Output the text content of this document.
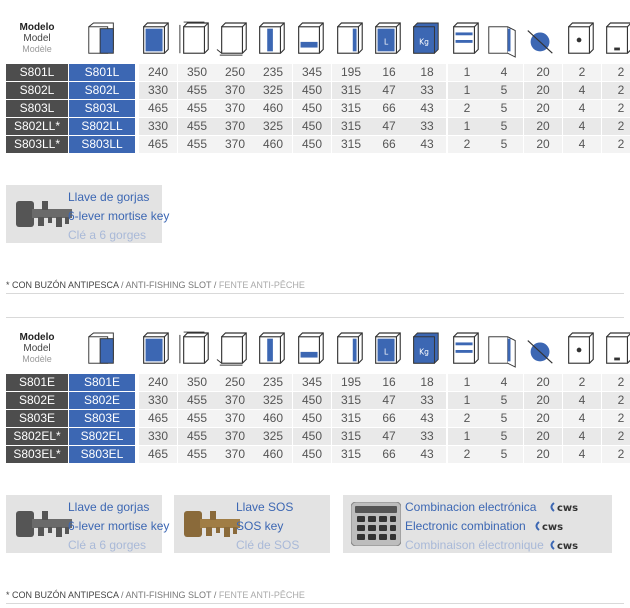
Modelo
Model
Modèle
L	Kg
S801L	S801L	240	350	250	235	345	195	16	18	1	4	20	2	2
S802L	S802L	330	455	370	325	450	315	47	33	1	5	20	4	2
S803L	S803L	465	455	370	460	450	315	66	43	2	5	20	4	2
S802LL*	S802LL	330	455	370	325	450	315	47	33	1	5	20	4	2
S803LL*	S803LL	465	455	370	460	450	315	66	43	2	5	20	4	2
Llave de gorjas
6-lever mortise key
Clé a 6 gorges
* CON BUZÓN ANTIPESCA / ANTI-FISHING SLOT / FENTE ANTI-PÊCHE
Modelo
Model
Modèle
L	Kg
S801E	S801E	240	350	250	235	345	195	16	18	1	4	20	2	2
S802E	S802E	330	455	370	325	450	315	47	33	1	5	20	4	2
S803E	S803E	465	455	370	460	450	315	66	43	2	5	20	4	2
S802EL*	S802EL	330	455	370	325	450	315	47	33	1	5	20	4	2
S803EL*	S803EL	465	455	370	460	450	315	66	43	2	5	20	4	2
Llave de gorjas
6-lever mortise key
Clé a 6 gorges
Llave SOS
SOS key
Clé de SOS
Combinacion electrónica
Electronic combination
Combinaison électronique
cws
cws
cws
* CON BUZÓN ANTIPESCA / ANTI-FISHING SLOT / FENTE ANTI-PÊCHE
